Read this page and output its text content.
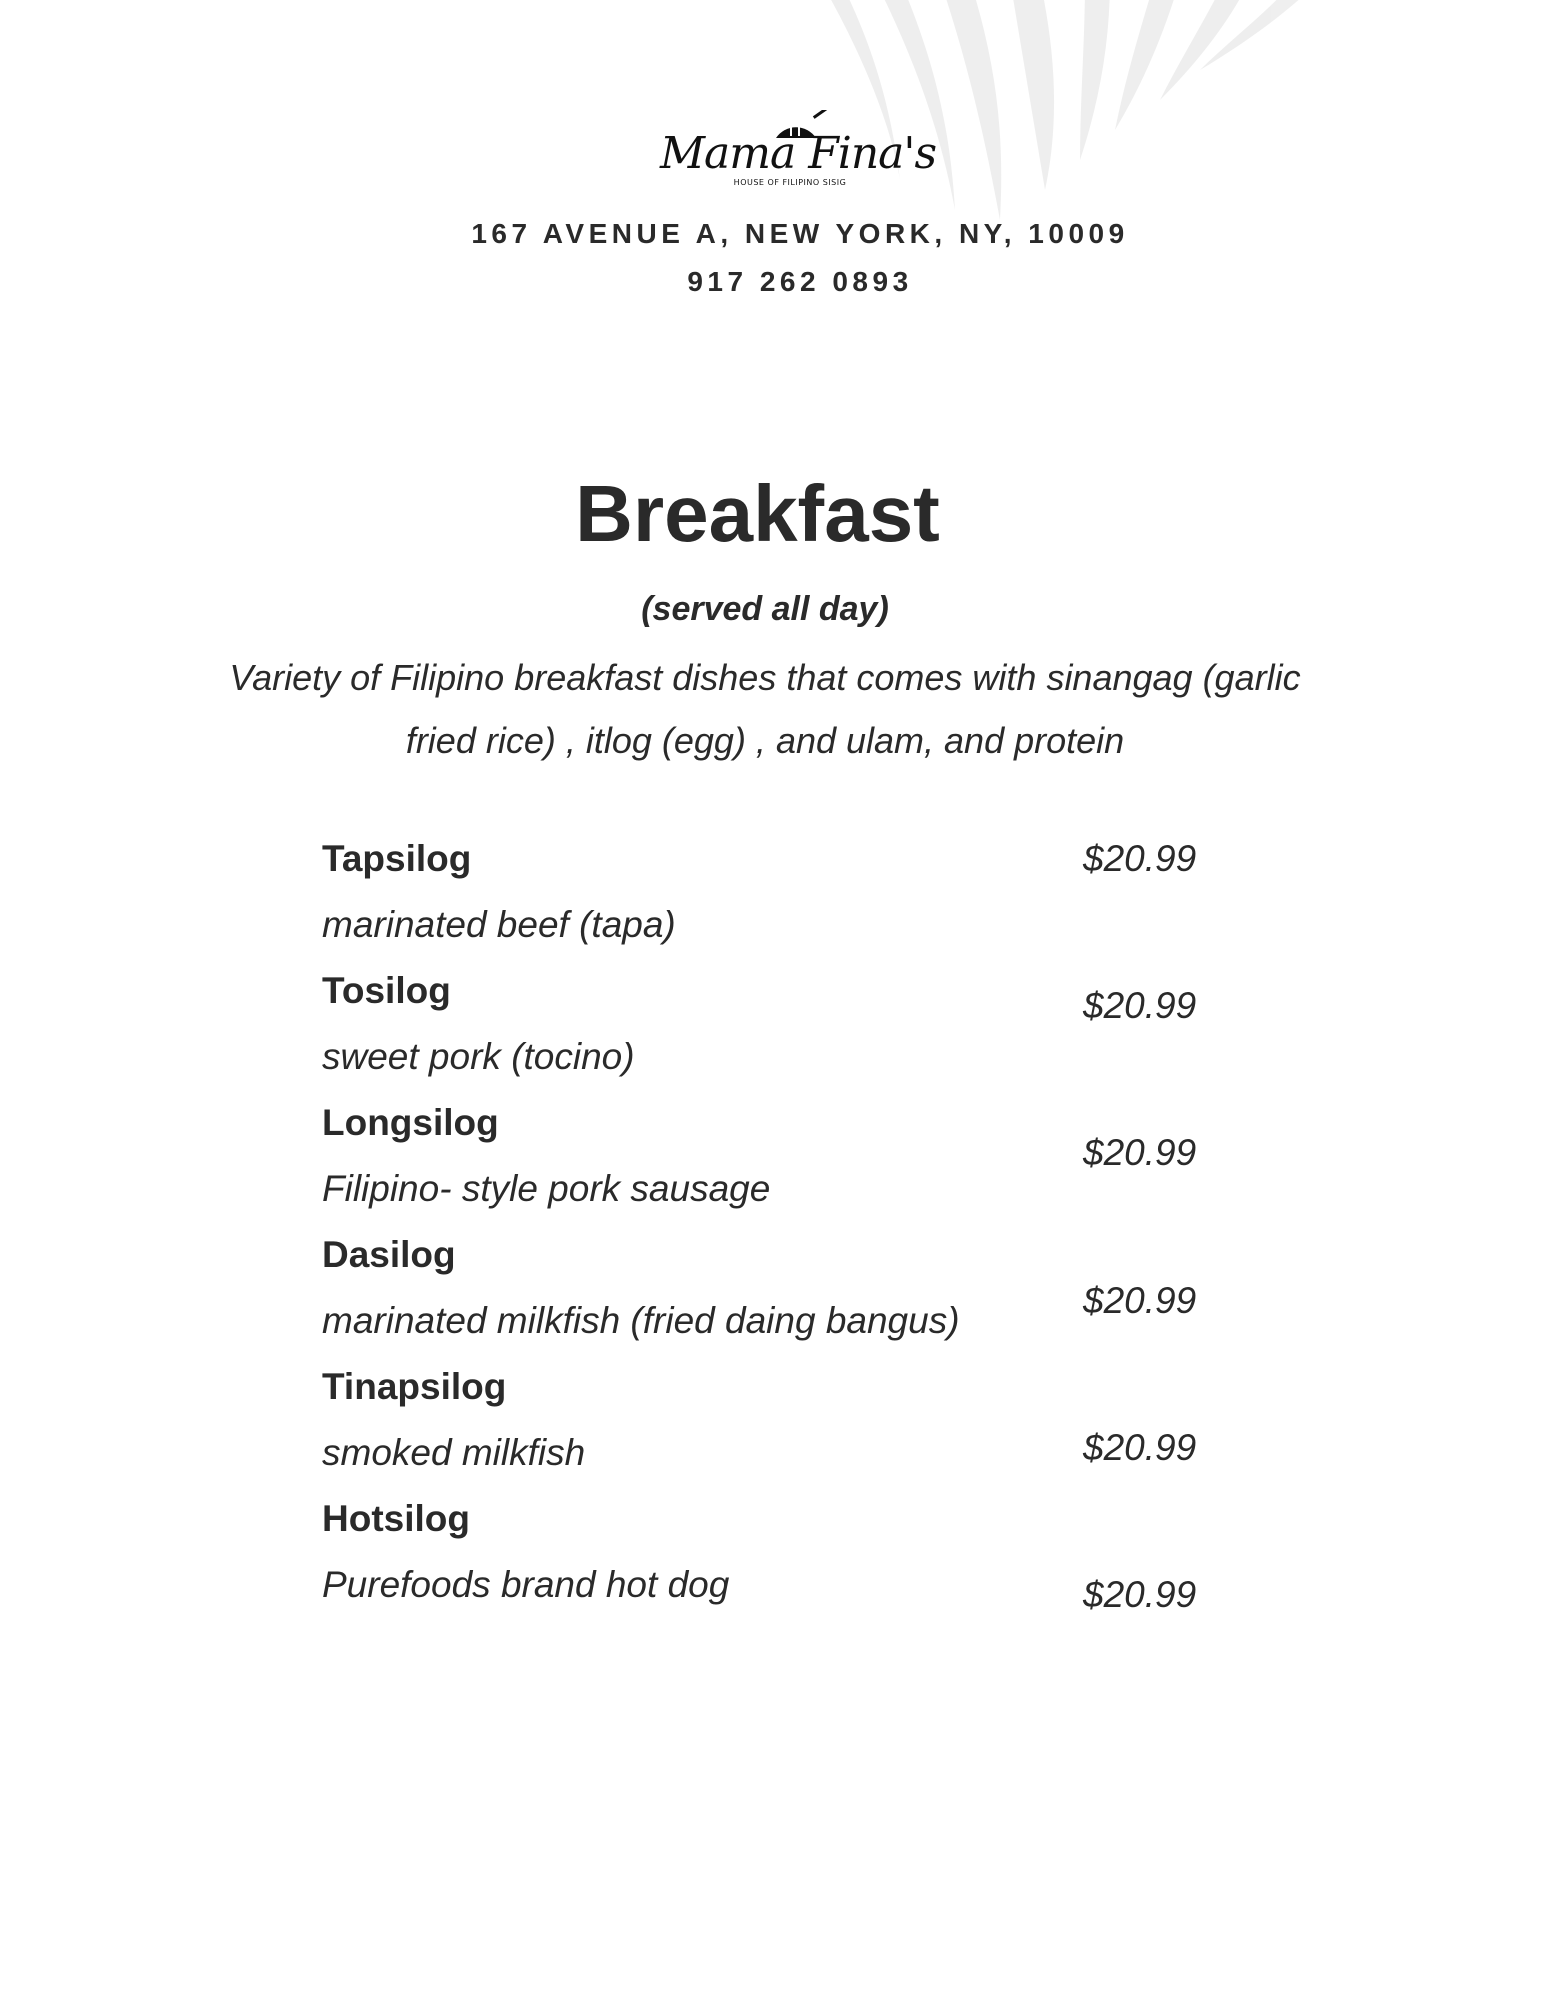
Mama Fina's
HOUSE OF FILIPINO SISIG
167 AVENUE A, NEW YORK, NY, 10009
917 262 0893
Breakfast
(served all day)
Variety of Filipino breakfast dishes that comes with sinangag (garlic fried rice) , itlog (egg) , and ulam, and protein
Tapsilog
marinated beef (tapa)
$20.99
Tosilog
sweet pork (tocino)
$20.99
Longsilog
Filipino- style pork sausage
$20.99
Dasilog
marinated milkfish (fried daing bangus)	$20.99
Tinapsilog
smoked milkfish	$20.99
Hotsilog
Purefoods brand hot dog	$20.99
